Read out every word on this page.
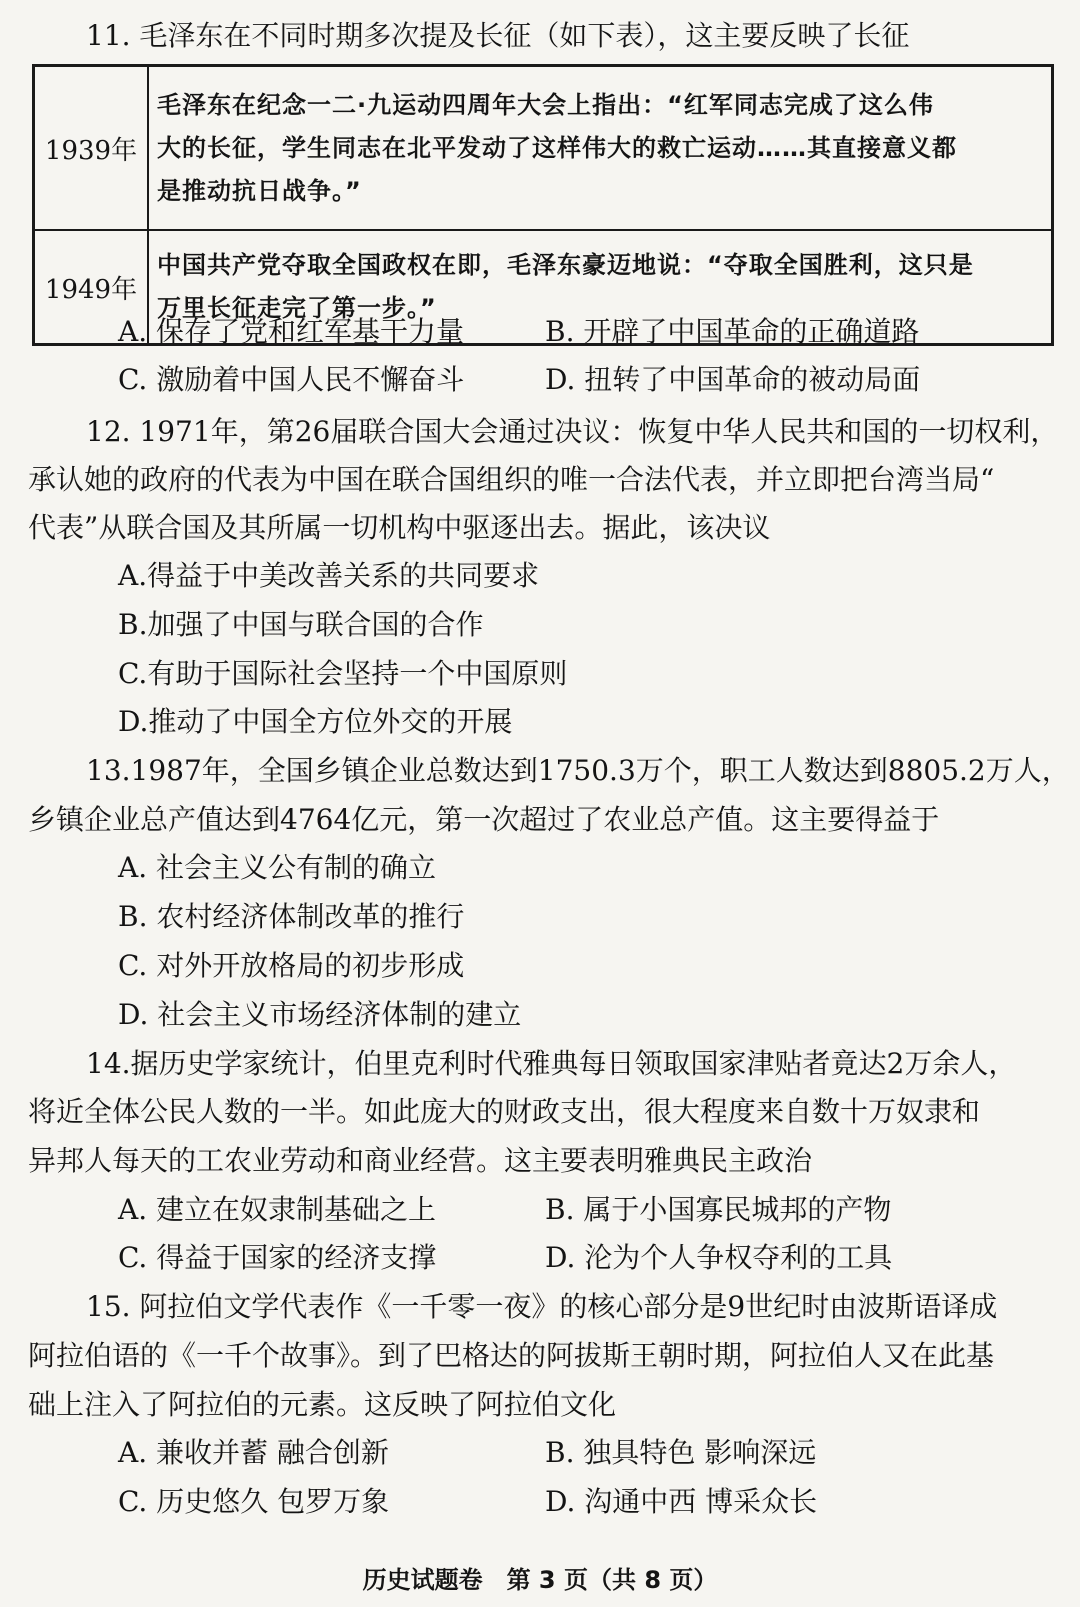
11. 毛泽东在不同时期多次提及长征（如下表），这主要反映了长征
1939年	毛泽东在纪念一二·九运动四周年大会上指出：“红军同志完成了这么伟
大的长征，学生同志在北平发动了这样伟大的救亡运动……其直接意义都
是推动抗日战争。”

1949年	中国共产党夺取全国政权在即，毛泽东豪迈地说：“夺取全国胜利，这只是
万里长征走完了第一步。”
A. 保存了党和红军基干力量	B. 开辟了中国革命的正确道路
C. 激励着中国人民不懈奋斗	D. 扭转了中国革命的被动局面
12. 1971年，第26届联合国大会通过决议：恢复中华人民共和国的一切权利，
承认她的政府的代表为中国在联合国组织的唯一合法代表，并立即把台湾当局“
代表”从联合国及其所属一切机构中驱逐出去。据此，该决议
A.得益于中美改善关系的共同要求
B.加强了中国与联合国的合作
C.有助于国际社会坚持一个中国原则
D.推动了中国全方位外交的开展
13.1987年，全国乡镇企业总数达到1750.3万个，职工人数达到8805.2万人，
乡镇企业总产值达到4764亿元，第一次超过了农业总产值。这主要得益于
A. 社会主义公有制的确立
B. 农村经济体制改革的推行
C. 对外开放格局的初步形成
D. 社会主义市场经济体制的建立
14.据历史学家统计，伯里克利时代雅典每日领取国家津贴者竟达2万余人，
将近全体公民人数的一半。如此庞大的财政支出，很大程度来自数十万奴隶和
异邦人每天的工农业劳动和商业经营。这主要表明雅典民主政治
A. 建立在奴隶制基础之上	B. 属于小国寡民城邦的产物
C. 得益于国家的经济支撑	D. 沦为个人争权夺利的工具
15. 阿拉伯文学代表作《一千零一夜》的核心部分是9世纪时由波斯语译成
阿拉伯语的《一千个故事》。到了巴格达的阿拔斯王朝时期，阿拉伯人又在此基
础上注入了阿拉伯的元素。这反映了阿拉伯文化
A. 兼收并蓄 融合创新	B. 独具特色 影响深远
C. 历史悠久 包罗万象	D. 沟通中西 博采众长
历史试题卷　第 3 页（共 8 页）
